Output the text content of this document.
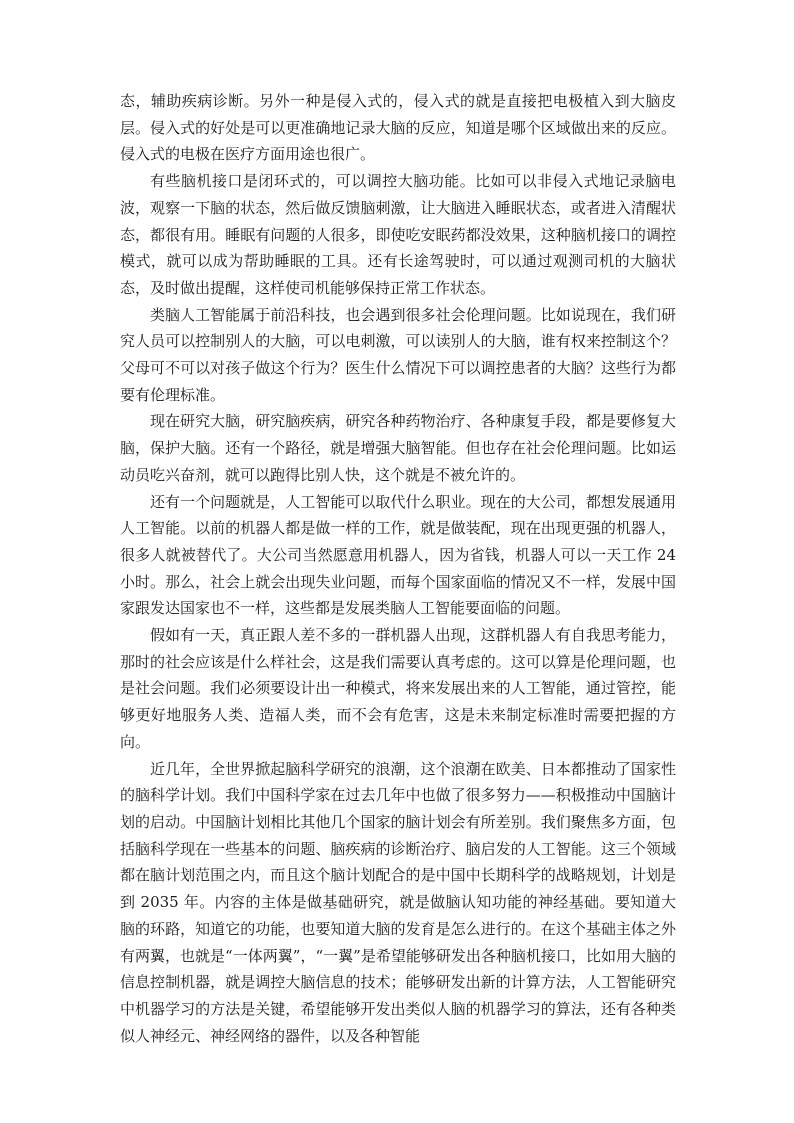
态，辅助疾病诊断。另外一种是侵入式的，侵入式的就是直接把电极植入到大脑皮层。侵入式的好处是可以更准确地记录大脑的反应，知道是哪个区域做出来的反应。侵入式的电极在医疗方面用途也很广。

有些脑机接口是闭环式的，可以调控大脑功能。比如可以非侵入式地记录脑电波，观察一下脑的状态，然后做反馈脑刺激，让大脑进入睡眠状态，或者进入清醒状态，都很有用。睡眠有问题的人很多，即使吃安眠药都没效果，这种脑机接口的调控模式，就可以成为帮助睡眠的工具。还有长途驾驶时，可以通过观测司机的大脑状态，及时做出提醒，这样使司机能够保持正常工作状态。

类脑人工智能属于前沿科技，也会遇到很多社会伦理问题。比如说现在，我们研究人员可以控制别人的大脑，可以电刺激，可以读别人的大脑，谁有权来控制这个？父母可不可以对孩子做这个行为？医生什么情况下可以调控患者的大脑？这些行为都要有伦理标准。

现在研究大脑，研究脑疾病，研究各种药物治疗、各种康复手段，都是要修复大脑，保护大脑。还有一个路径，就是增强大脑智能。但也存在社会伦理问题。比如运动员吃兴奋剂，就可以跑得比别人快，这个就是不被允许的。

还有一个问题就是，人工智能可以取代什么职业。现在的大公司，都想发展通用人工智能。以前的机器人都是做一样的工作，就是做装配，现在出现更强的机器人，很多人就被替代了。大公司当然愿意用机器人，因为省钱，机器人可以一天工作 24 小时。那么，社会上就会出现失业问题，而每个国家面临的情况又不一样，发展中国家跟发达国家也不一样，这些都是发展类脑人工智能要面临的问题。

假如有一天，真正跟人差不多的一群机器人出现，这群机器人有自我思考能力，那时的社会应该是什么样社会，这是我们需要认真考虑的。这可以算是伦理问题，也是社会问题。我们必须要设计出一种模式，将来发展出来的人工智能，通过管控，能够更好地服务人类、造福人类，而不会有危害，这是未来制定标准时需要把握的方向。

近几年，全世界掀起脑科学研究的浪潮，这个浪潮在欧美、日本都推动了国家性的脑科学计划。我们中国科学家在过去几年中也做了很多努力——积极推动中国脑计划的启动。中国脑计划相比其他几个国家的脑计划会有所差别。我们聚焦多方面，包括脑科学现在一些基本的问题、脑疾病的诊断治疗、脑启发的人工智能。这三个领域都在脑计划范围之内，而且这个脑计划配合的是中国中长期科学的战略规划，计划是到 2035 年。内容的主体是做基础研究，就是做脑认知功能的神经基础。要知道大脑的环路，知道它的功能，也要知道大脑的发育是怎么进行的。在这个基础主体之外有两翼，也就是“一体两翼”，“一翼”是希望能够研发出各种脑机接口，比如用大脑的信息控制机器，就是调控大脑信息的技术；能够研发出新的计算方法，人工智能研究中机器学习的方法是关键，希望能够开发出类似人脑的机器学习的算法，还有各种类似人神经元、神经网络的器件，以及各种智能
